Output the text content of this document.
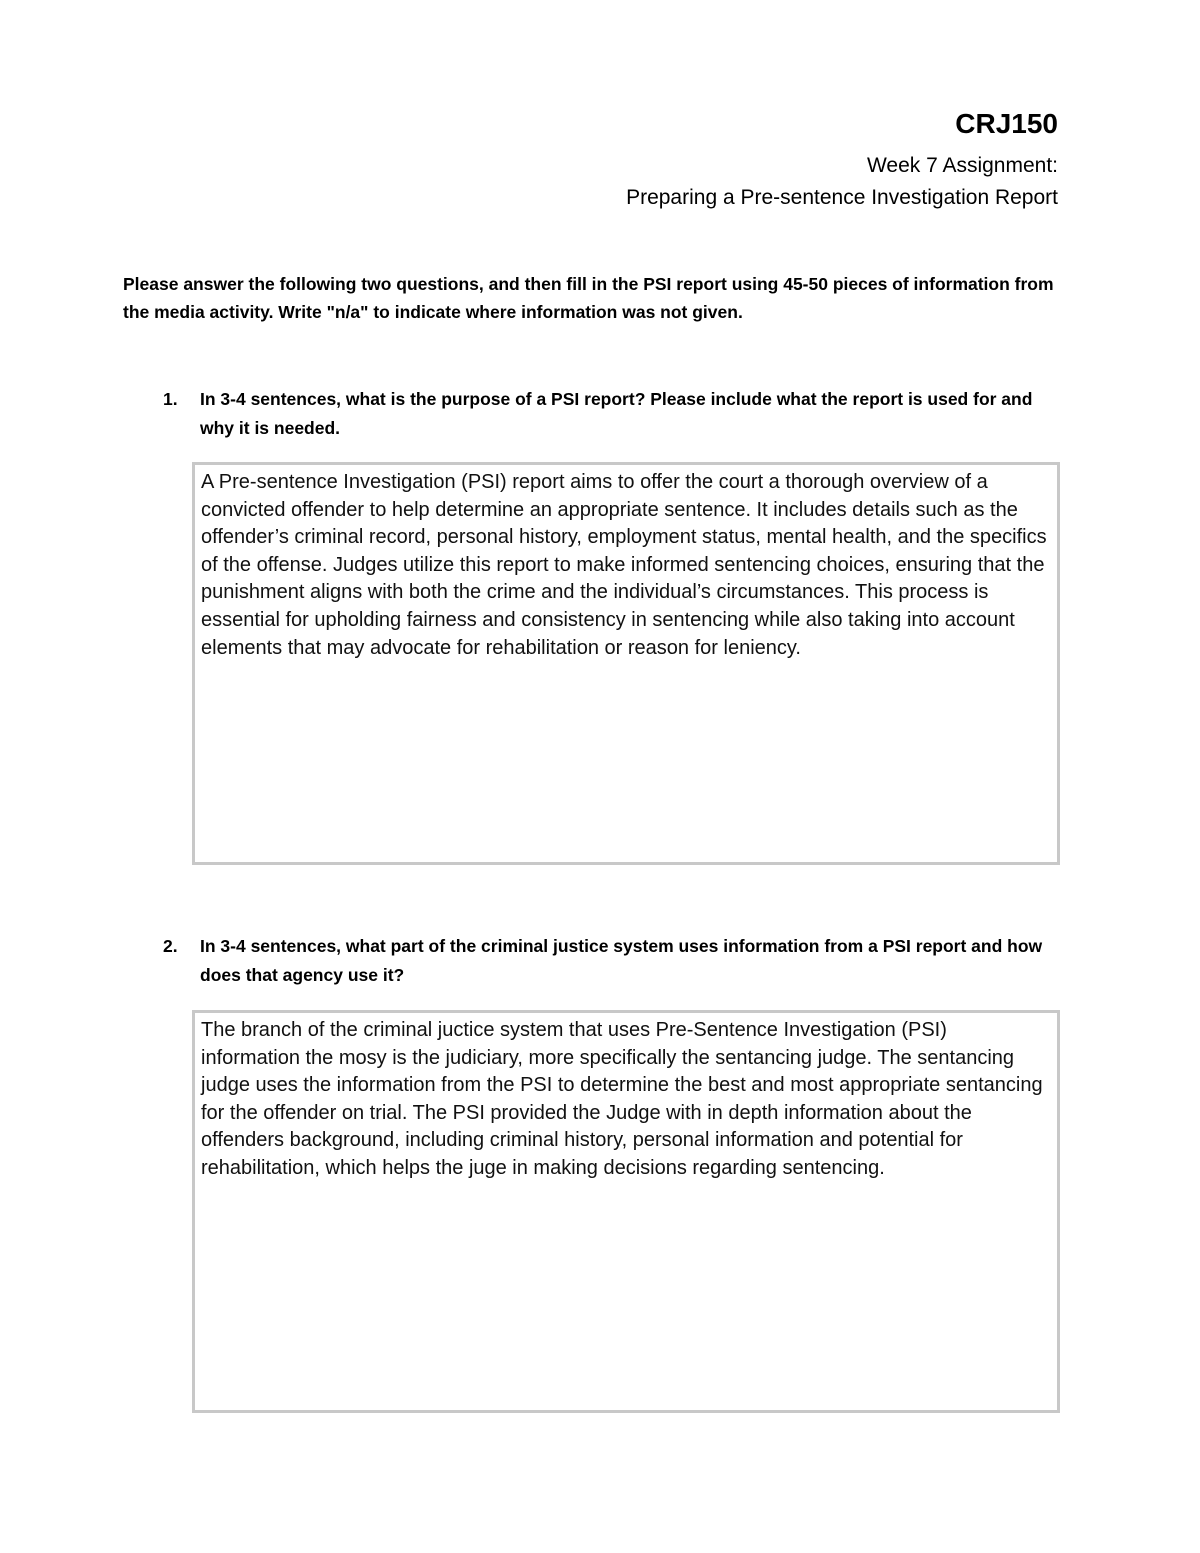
CRJ150
Week 7 Assignment:
Preparing a Pre-sentence Investigation Report
Please answer the following two questions, and then fill in the PSI report using 45-50 pieces of information from the media activity. Write "n/a" to indicate where information was not given.
1. In 3-4 sentences, what is the purpose of a PSI report? Please include what the report is used for and why it is needed.
A Pre-sentence Investigation (PSI) report aims to offer the court a thorough overview of a convicted offender to help determine an appropriate sentence. It includes details such as the offender’s criminal record, personal history, employment status, mental health, and the specifics of the offense. Judges utilize this report to make informed sentencing choices, ensuring that the punishment aligns with both the crime and the individual’s circumstances. This process is essential for upholding fairness and consistency in sentencing while also taking into account elements that may advocate for rehabilitation or reason for leniency.
2. In 3-4 sentences, what part of the criminal justice system uses information from a PSI report and how does that agency use it?
The branch of the criminal juctice system that uses Pre-Sentence Investigation (PSI) information the mosy is the judiciary, more specifically the sentancing judge. The sentancing judge uses the information from the PSI to determine the best and most appropriate sentancing for the offender on trial. The PSI provided the Judge with in depth information about the offenders background, including criminal history, personal information and potential for rehabilitation, which helps the juge in making decisions regarding sentencing.
